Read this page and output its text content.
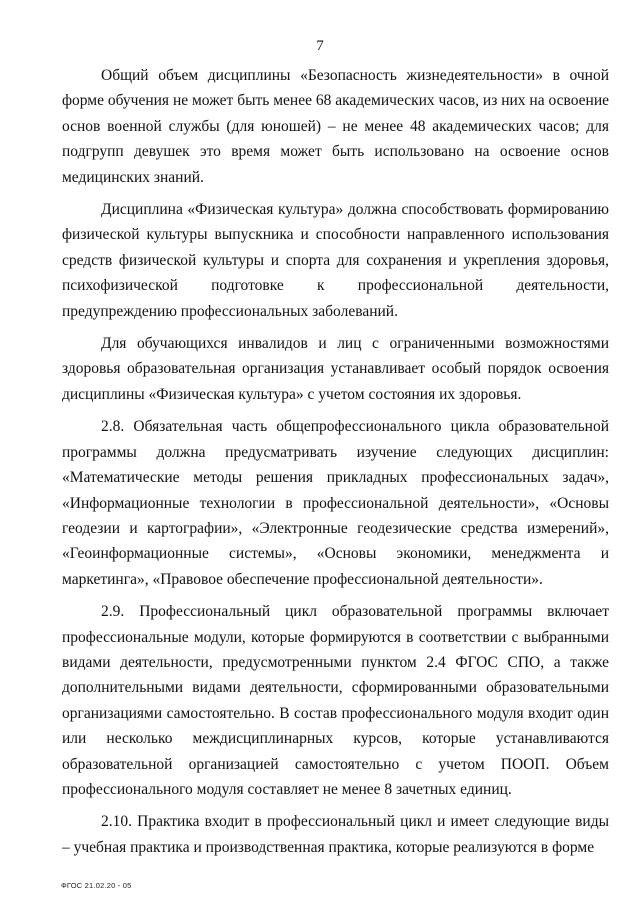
7

Общий объем дисциплины «Безопасность жизнедеятельности» в очной форме обучения не может быть менее 68 академических часов, из них на освоение основ военной службы (для юношей) – не менее 48 академических часов; для подгрупп девушек это время может быть использовано на освоение основ медицинских знаний.

Дисциплина «Физическая культура» должна способствовать формированию физической культуры выпускника и способности направленного использования средств физической культуры и спорта для сохранения и укрепления здоровья, психофизической подготовке к профессиональной деятельности, предупреждению профессиональных заболеваний.

Для обучающихся инвалидов и лиц с ограниченными возможностями здоровья образовательная организация устанавливает особый порядок освоения дисциплины «Физическая культура» с учетом состояния их здоровья.

2.8. Обязательная часть общепрофессионального цикла образовательной программы должна предусматривать изучение следующих дисциплин: «Математические методы решения прикладных профессиональных задач», «Информационные технологии в профессиональной деятельности», «Основы геодезии и картографии», «Электронные геодезические средства измерений», «Геоинформационные системы», «Основы экономики, менеджмента и маркетинга», «Правовое обеспечение профессиональной деятельности».

2.9. Профессиональный цикл образовательной программы включает профессиональные модули, которые формируются в соответствии с выбранными видами деятельности, предусмотренными пунктом 2.4 ФГОС СПО, а также дополнительными видами деятельности, сформированными образовательными организациями самостоятельно. В состав профессионального модуля входит один или несколько междисциплинарных курсов, которые устанавливаются образовательной организацией самостоятельно с учетом ПООП. Объем профессионального модуля составляет не менее 8 зачетных единиц.

2.10. Практика входит в профессиональный цикл и имеет следующие виды – учебная практика и производственная практика, которые реализуются в форме

ФГОС 21.02.20 - 05
